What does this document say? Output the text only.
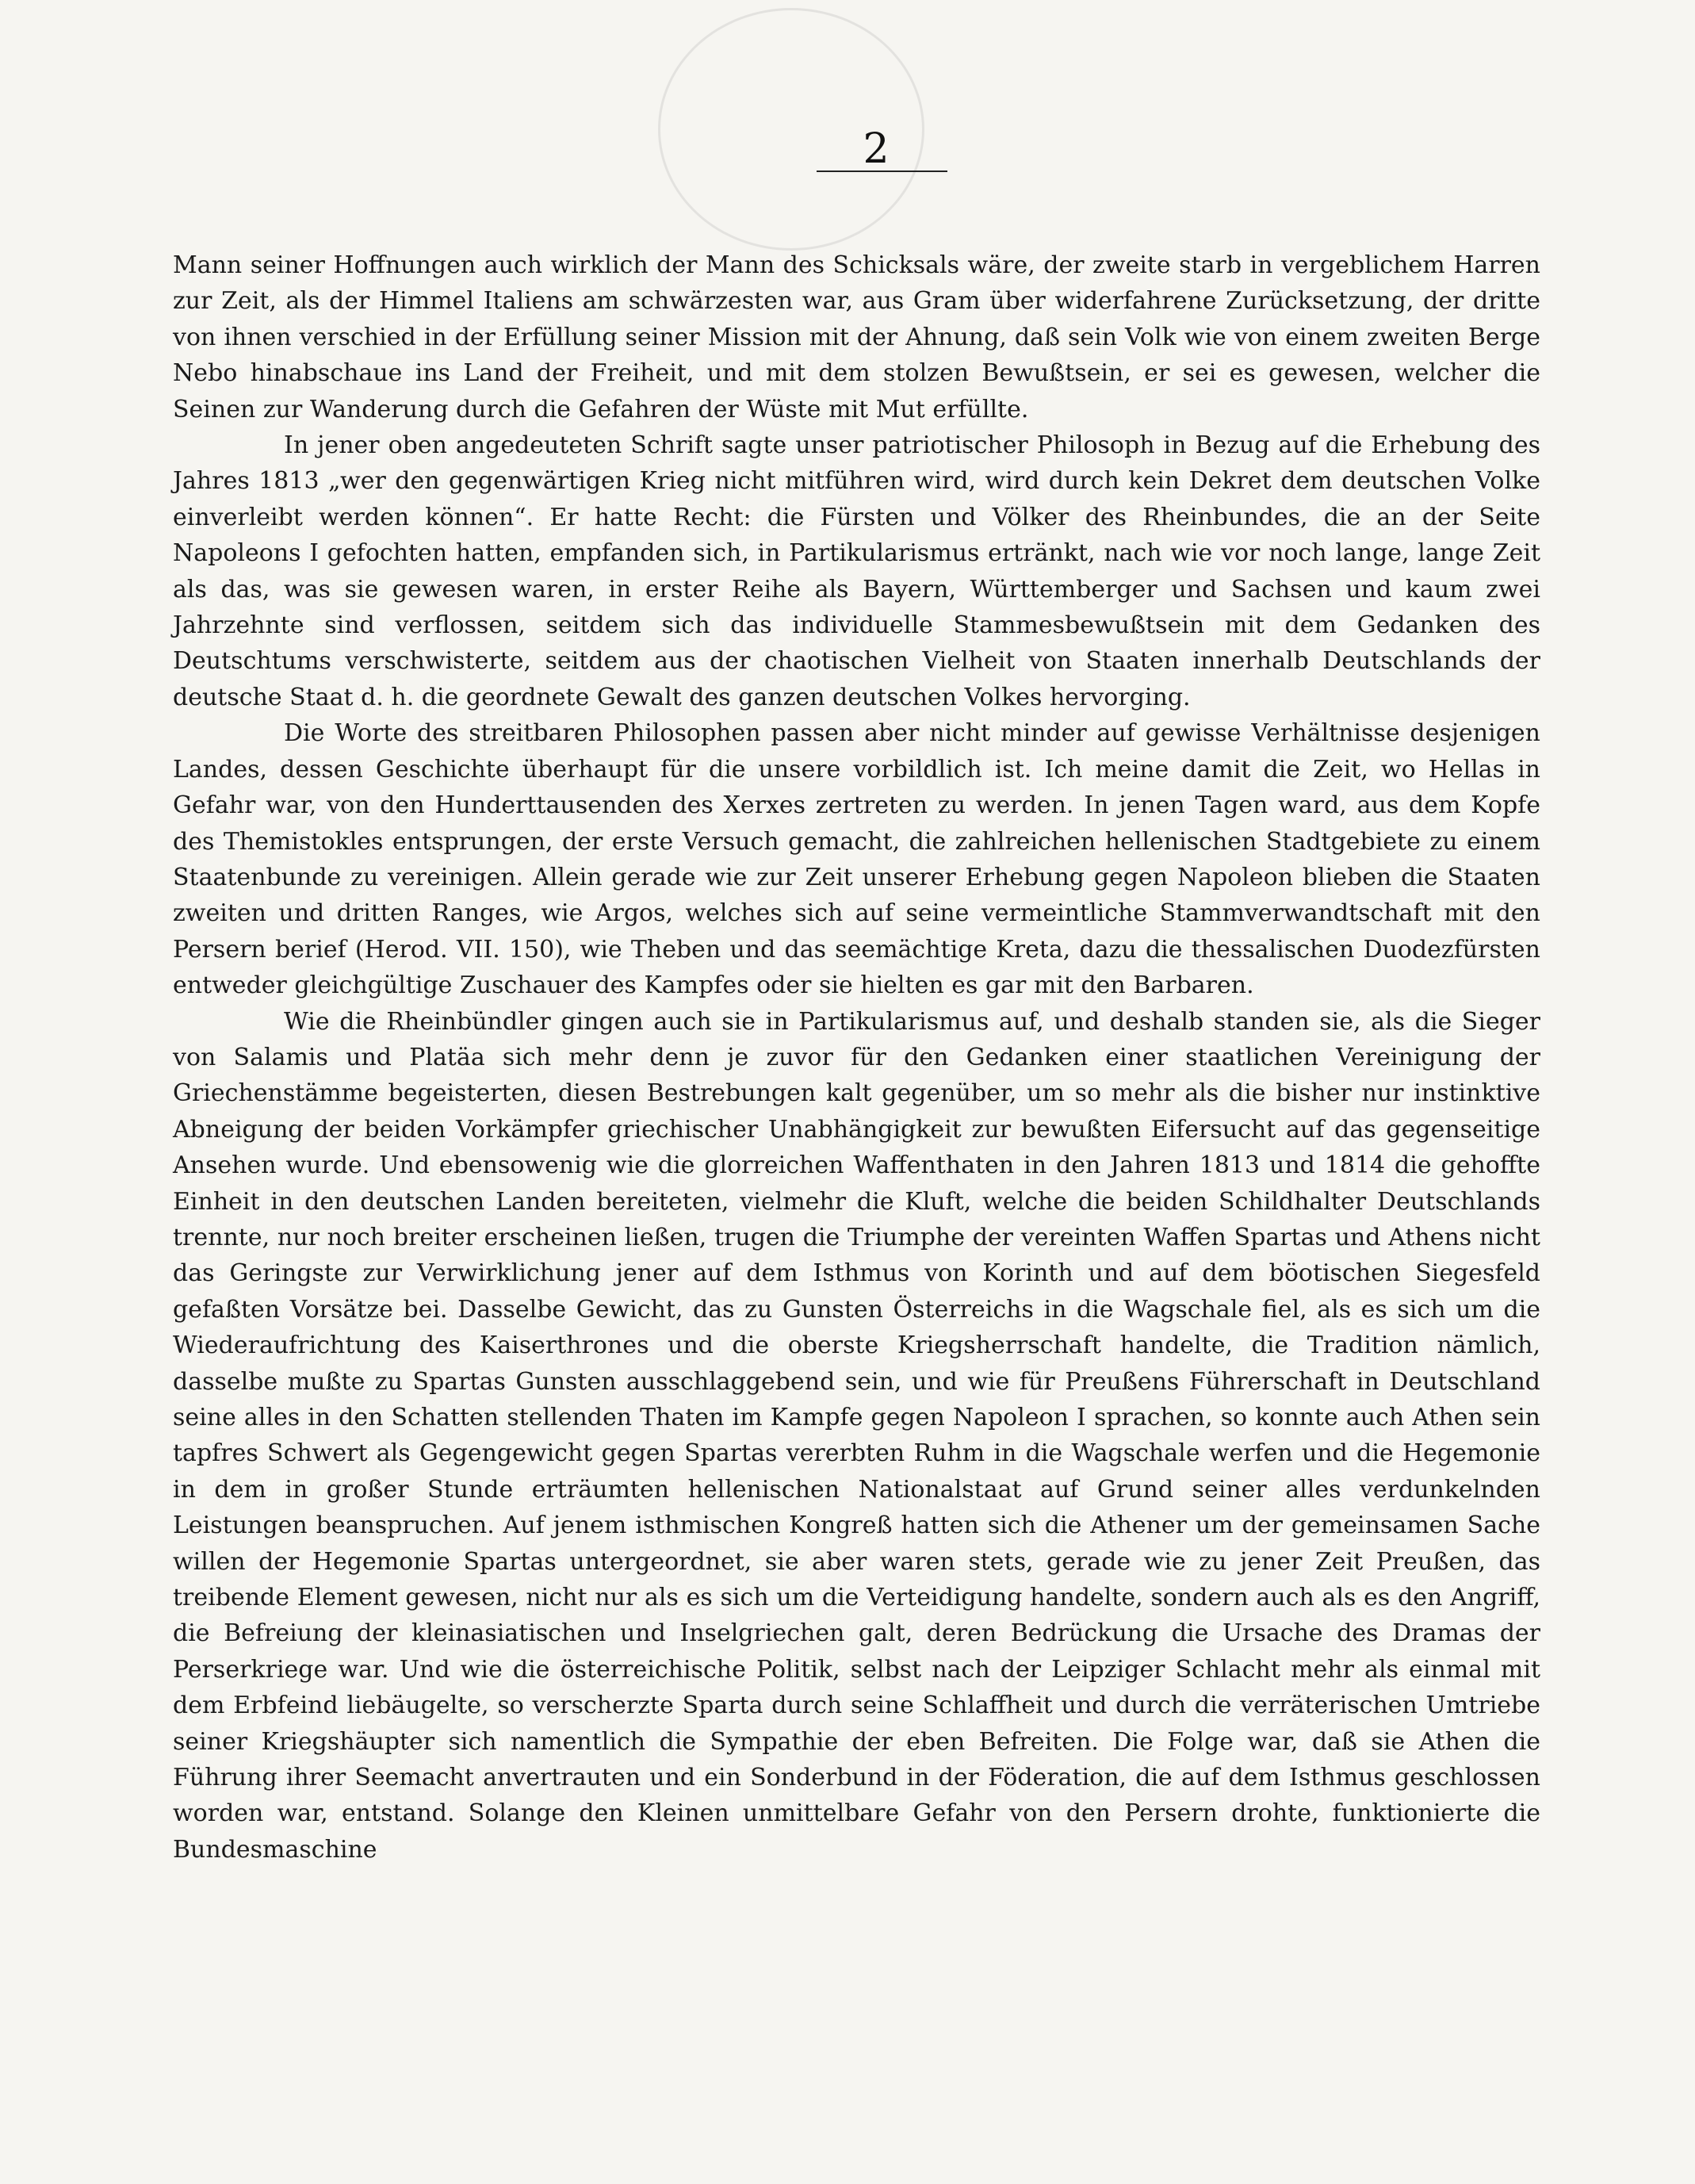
2

Mann seiner Hoffnungen auch wirklich der Mann des Schicksals wäre, der zweite starb in vergeblichem Harren zur Zeit, als der Himmel Italiens am schwärzesten war, aus Gram über widerfahrene Zurücksetzung, der dritte von ihnen verschied in der Erfüllung seiner Mission mit der Ahnung, daß sein Volk wie von einem zweiten Berge Nebo hinabschaue ins Land der Freiheit, und mit dem stolzen Bewußtsein, er sei es gewesen, welcher die Seinen zur Wanderung durch die Gefahren der Wüste mit Mut erfüllte.

In jener oben angedeuteten Schrift sagte unser patriotischer Philosoph in Bezug auf die Erhebung des Jahres 1813 „wer den gegenwärtigen Krieg nicht mitführen wird, wird durch kein Dekret dem deutschen Volke einverleibt werden können“. Er hatte Recht: die Fürsten und Völker des Rheinbundes, die an der Seite Napoleons I gefochten hatten, empfanden sich, in Partikularismus ertränkt, nach wie vor noch lange, lange Zeit als das, was sie gewesen waren, in erster Reihe als Bayern, Württemberger und Sachsen und kaum zwei Jahrzehnte sind verflossen, seitdem sich das individuelle Stammesbewußtsein mit dem Gedanken des Deutschtums verschwisterte, seitdem aus der chaotischen Vielheit von Staaten innerhalb Deutschlands der deutsche Staat d. h. die geordnete Gewalt des ganzen deutschen Volkes hervorging.

Die Worte des streitbaren Philosophen passen aber nicht minder auf gewisse Verhältnisse desjenigen Landes, dessen Geschichte überhaupt für die unsere vorbildlich ist. Ich meine damit die Zeit, wo Hellas in Gefahr war, von den Hunderttausenden des Xerxes zertreten zu werden. In jenen Tagen ward, aus dem Kopfe des Themistokles entsprungen, der erste Versuch gemacht, die zahlreichen hellenischen Stadtgebiete zu einem Staatenbunde zu vereinigen. Allein gerade wie zur Zeit unserer Erhebung gegen Napoleon blieben die Staaten zweiten und dritten Ranges, wie Argos, welches sich auf seine vermeintliche Stammverwandtschaft mit den Persern berief (Herod. VII. 150), wie Theben und das seemächtige Kreta, dazu die thessalischen Duodezfürsten entweder gleichgültige Zuschauer des Kampfes oder sie hielten es gar mit den Barbaren.

Wie die Rheinbündler gingen auch sie in Partikularismus auf, und deshalb standen sie, als die Sieger von Salamis und Platäa sich mehr denn je zuvor für den Gedanken einer staatlichen Vereinigung der Griechenstämme begeisterten, diesen Bestrebungen kalt gegenüber, um so mehr als die bisher nur instinktive Abneigung der beiden Vorkämpfer griechischer Unabhängigkeit zur bewußten Eifersucht auf das gegenseitige Ansehen wurde. Und ebensowenig wie die glorreichen Waffenthaten in den Jahren 1813 und 1814 die gehoffte Einheit in den deutschen Landen bereiteten, vielmehr die Kluft, welche die beiden Schildhalter Deutschlands trennte, nur noch breiter erscheinen ließen, trugen die Triumphe der vereinten Waffen Spartas und Athens nicht das Geringste zur Verwirklichung jener auf dem Isthmus von Korinth und auf dem böotischen Siegesfeld gefaßten Vorsätze bei. Dasselbe Gewicht, das zu Gunsten Österreichs in die Wagschale fiel, als es sich um die Wiederaufrichtung des Kaiserthrones und die oberste Kriegsherrschaft handelte, die Tradition nämlich, dasselbe mußte zu Spartas Gunsten ausschlaggebend sein, und wie für Preußens Führerschaft in Deutschland seine alles in den Schatten stellenden Thaten im Kampfe gegen Napoleon I sprachen, so konnte auch Athen sein tapfres Schwert als Gegengewicht gegen Spartas vererbten Ruhm in die Wagschale werfen und die Hegemonie in dem in großer Stunde erträumten hellenischen Nationalstaat auf Grund seiner alles verdunkelnden Leistungen beanspruchen. Auf jenem isthmischen Kongreß hatten sich die Athener um der gemeinsamen Sache willen der Hegemonie Spartas untergeordnet, sie aber waren stets, gerade wie zu jener Zeit Preußen, das treibende Element gewesen, nicht nur als es sich um die Verteidigung handelte, sondern auch als es den Angriff, die Befreiung der kleinasiatischen und Inselgriechen galt, deren Bedrückung die Ursache des Dramas der Perserkriege war. Und wie die österreichische Politik, selbst nach der Leipziger Schlacht mehr als einmal mit dem Erbfeind liebäugelte, so verscherzte Sparta durch seine Schlaffheit und durch die verräterischen Umtriebe seiner Kriegshäupter sich namentlich die Sympathie der eben Befreiten. Die Folge war, daß sie Athen die Führung ihrer Seemacht anvertrauten und ein Sonderbund in der Föderation, die auf dem Isthmus geschlossen worden war, entstand. Solange den Kleinen unmittelbare Gefahr von den Persern drohte, funktionierte die Bundesmaschine
